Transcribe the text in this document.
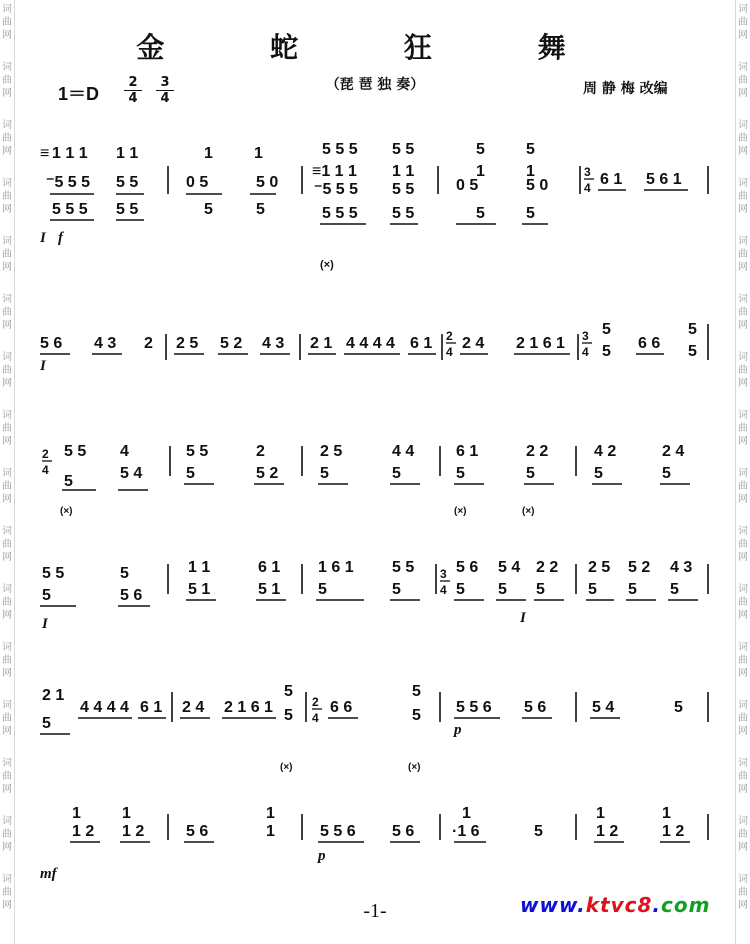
词	词
曲	曲
网	网
词	词
曲	曲
网	网
词	词
曲	曲
网	网
词	词
曲	曲
网	网
词	词
曲	曲
网	网
词	词
曲	曲
网	网
词	词
曲	曲
网	网
词	词
曲	曲
网	网
词	词
曲	曲
网	网
词	词
曲	曲
网	网
词	词
曲	曲
网	网
词	词
曲	曲
网	网
词	词
曲	曲
网	网
词	词
曲	曲
网	网
词	词
曲	曲
网	网
词	词
曲	曲
网	网
金 蛇 狂 舞
1＝D
2
4
3
4
（琵 琶 独 奏）	周 静 梅 改编
≡ 1 1 1 1 1
⁻5 5 5 5 5
5 5 5 5 5
I f
1	1
0 5	5 0
5	5
5 5 5 5 5
≡1 1 1 1 1
⁻5 5 5 5 5
5 5 5 5 5
(×)
5	5
1	1
0 5	5 0
5	5
3
4 6 1 5 6 1
5 6 4 3 2
I
2 5 5 2 4 3 2 1 4 4 4 4 6 1 2
4 2 4 2 1 6 1 3
4
5
5 6 6
5
5
2
4
5 5
5
4
5 4
5 5
5
2
5 2
2 5
5
4 4
5
6 1
5
2 2
5
4 2
5
2 4
5
(×)	(×)	(×)
5 5
5
5
5 6
I
1 1
5 1
6 1
5 1
1 6 1
5
5 5
5
3
4
5 6
5
5 4
5
2 2
5
I
2 5
5
5 2
5
4 3
5
2 1
5
4 4 4 4 6 1 2 4 2 1 6 1
5
5
(×)
2
4
6 6
5
5
(×)
5 5 6 5 6
p
5 4	5
1
1 2
1
1 2
mf
5 6
1
1	5 5 6 5 6
p
1
·1 6	5
1
1 2
1
1 2
-1-	www.ktvc8.com
